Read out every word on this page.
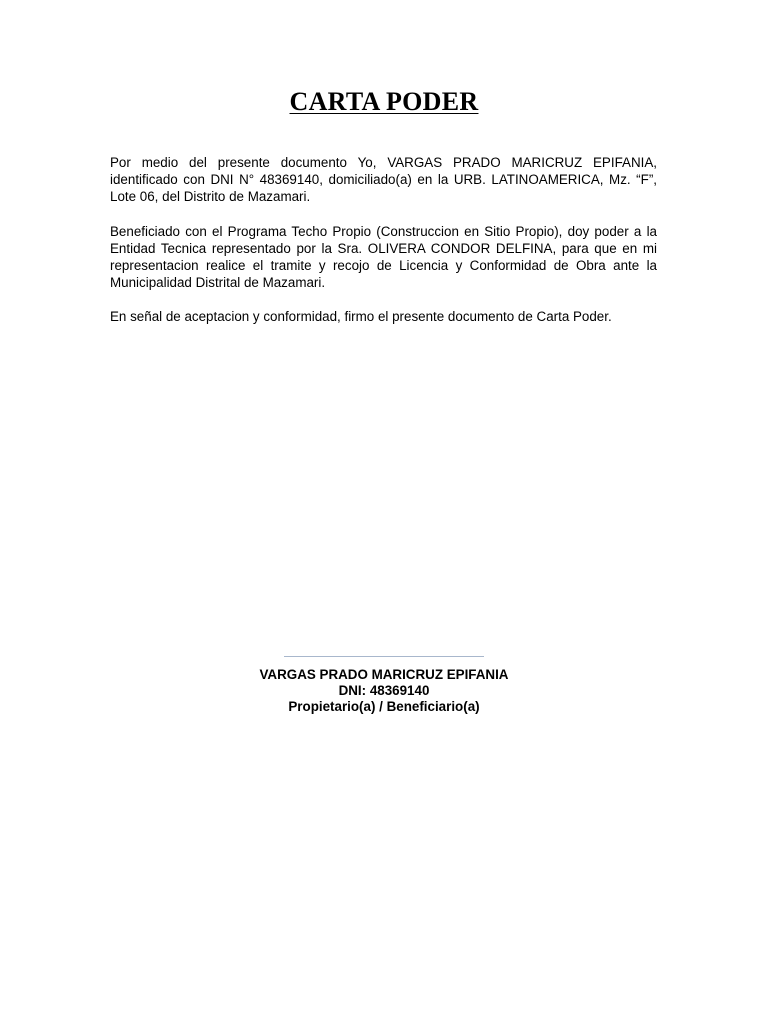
CARTA PODER

Por medio del presente documento Yo, VARGAS PRADO MARICRUZ EPIFANIA, identificado con DNI N° 48369140, domiciliado(a) en la URB. LATINOAMERICA, Mz. “F”, Lote 06, del Distrito de Mazamari.

Beneficiado con el Programa Techo Propio (Construccion en Sitio Propio), doy poder a la Entidad Tecnica representado por la Sra. OLIVERA CONDOR DELFINA, para que en mi representacion realice el tramite y recojo de Licencia y Conformidad de Obra ante la Municipalidad Distrital de Mazamari.

En señal de aceptacion y conformidad, firmo el presente documento de Carta Poder.

VARGAS PRADO MARICRUZ EPIFANIA
DNI: 48369140
Propietario(a) / Beneficiario(a)
